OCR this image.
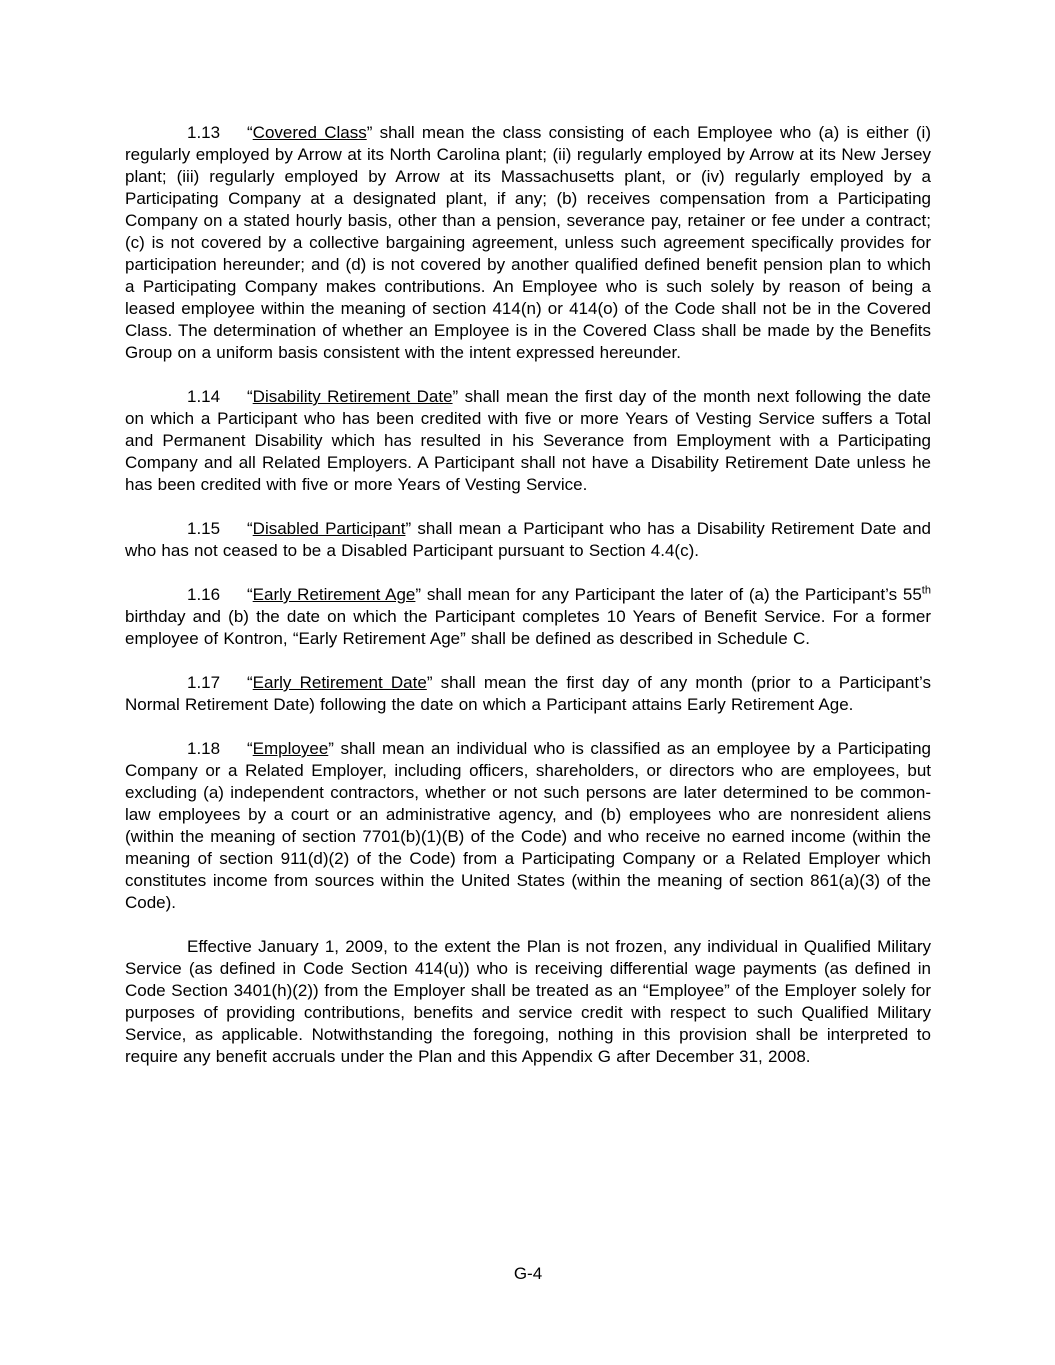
1.13 “Covered Class” shall mean the class consisting of each Employee who (a) is either (i) regularly employed by Arrow at its North Carolina plant; (ii) regularly employed by Arrow at its New Jersey plant; (iii) regularly employed by Arrow at its Massachusetts plant, or (iv) regularly employed by a Participating Company at a designated plant, if any; (b) receives compensation from a Participating Company on a stated hourly basis, other than a pension, severance pay, retainer or fee under a contract; (c) is not covered by a collective bargaining agreement, unless such agreement specifically provides for participation hereunder; and (d) is not covered by another qualified defined benefit pension plan to which a Participating Company makes contributions. An Employee who is such solely by reason of being a leased employee within the meaning of section 414(n) or 414(o) of the Code shall not be in the Covered Class. The determination of whether an Employee is in the Covered Class shall be made by the Benefits Group on a uniform basis consistent with the intent expressed hereunder.

1.14 “Disability Retirement Date” shall mean the first day of the month next following the date on which a Participant who has been credited with five or more Years of Vesting Service suffers a Total and Permanent Disability which has resulted in his Severance from Employment with a Participating Company and all Related Employers. A Participant shall not have a Disability Retirement Date unless he has been credited with five or more Years of Vesting Service.

1.15 “Disabled Participant” shall mean a Participant who has a Disability Retirement Date and who has not ceased to be a Disabled Participant pursuant to Section 4.4(c).

1.16 “Early Retirement Age” shall mean for any Participant the later of (a) the Participant’s 55th birthday and (b) the date on which the Participant completes 10 Years of Benefit Service. For a former employee of Kontron, “Early Retirement Age” shall be defined as described in Schedule C.

1.17 “Early Retirement Date” shall mean the first day of any month (prior to a Participant’s Normal Retirement Date) following the date on which a Participant attains Early Retirement Age.

1.18 “Employee” shall mean an individual who is classified as an employee by a Participating Company or a Related Employer, including officers, shareholders, or directors who are employees, but excluding (a) independent contractors, whether or not such persons are later determined to be common-law employees by a court or an administrative agency, and (b) employees who are nonresident aliens (within the meaning of section 7701(b)(1)(B) of the Code) and who receive no earned income (within the meaning of section 911(d)(2) of the Code) from a Participating Company or a Related Employer which constitutes income from sources within the United States (within the meaning of section 861(a)(3) of the Code).

Effective January 1, 2009, to the extent the Plan is not frozen, any individual in Qualified Military Service (as defined in Code Section 414(u)) who is receiving differential wage payments (as defined in Code Section 3401(h)(2)) from the Employer shall be treated as an “Employee” of the Employer solely for purposes of providing contributions, benefits and service credit with respect to such Qualified Military Service, as applicable. Notwithstanding the foregoing, nothing in this provision shall be interpreted to require any benefit accruals under the Plan and this Appendix G after December 31, 2008.

G-4
